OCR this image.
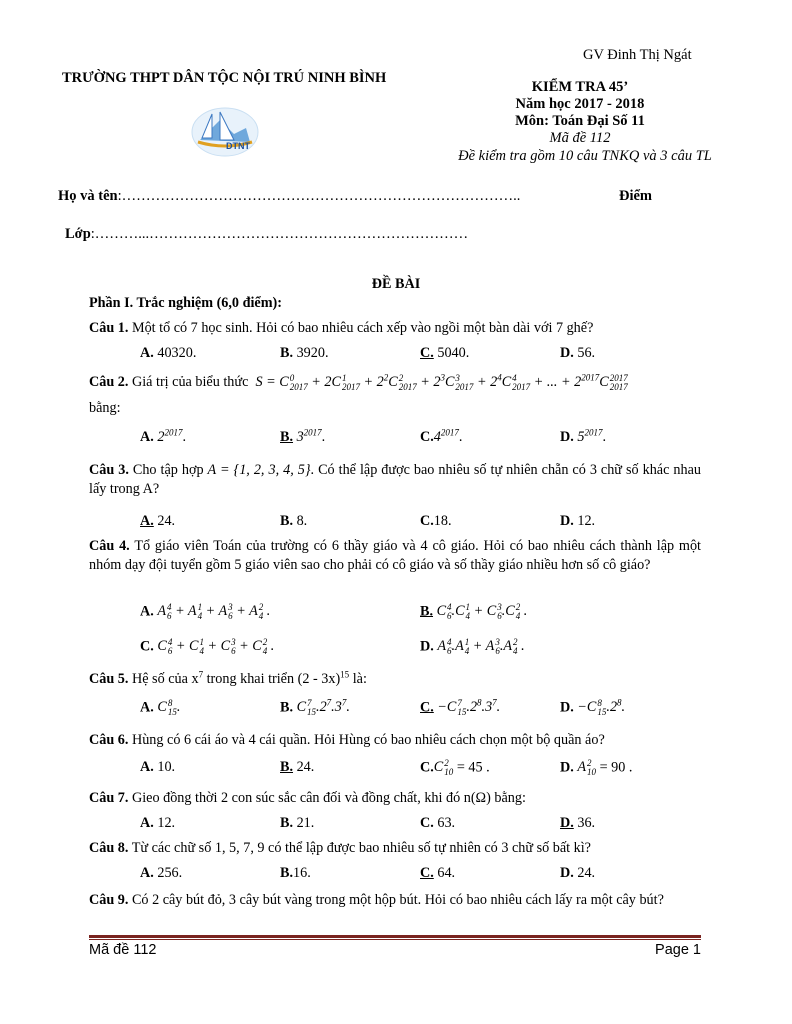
GV Đinh Thị Ngát
TRƯỜNG THPT DÂN TỘC NỘI TRÚ NINH BÌNH
DTNT
KIỂM TRA 45’
Năm học 2017 - 2018
Môn: Toán Đại Số 11
Mã đề 112
Đề kiểm tra gồm 10 câu TNKQ và 3 câu TL
Họ và tên:………………………………………………………………………..	Điểm
Lớp:………...…………………………………………………………
ĐỀ BÀI
Phần I. Trắc nghiệm (6,0 điểm):
Câu 1. Một tổ có 7 học sinh. Hỏi có bao nhiêu cách xếp vào ngồi một bàn dài với 7 ghế?
A. 40320.	B. 3920.	C. 5040.	D. 56.
Câu 2. Giá trị của biểu thức  S = C 0
2017 + 2C 1
$2017 + 2^2C$ 2
$2017 + 2^3C$ 3
$2017 + 2^4C$ 4
2017 + ... + $2^{2017}C$ 2017
2017
bằng:
A. $2^{2017}$.	B. $3^{2017}$.	$C.4^{2017}$.	D. $5^{2017}$.
Câu 3. Cho tập hợp A = {1, 2, 3, 4, 5}. Có thể lập được bao nhiêu số tự nhiên chẵn có 3 chữ số khác nhau lấy trong A?
A. 24.	B. 8.	C.18.	D. 12.
Câu 4. Tổ giáo viên Toán của trường có 6 thầy giáo và 4 cô giáo. Hỏi có bao nhiêu cách thành lập một nhóm dạy đội tuyển gồm 5 giáo viên sao cho phải có cô giáo và số thầy giáo nhiều hơn số cô giáo?
A. A 4
6 + A 1
4 + A 3
6 + A 2
4 .	B. C 4
6 .C 1
4 + C 3
6 .C 2
4 .
C. C 4
6 + C 1
4 + C 3
6 + C 2
4 .	D. A 4
6 .A 1
4 + A 3
6 .A 2
4 .
Câu 5. Hệ số của $x^7$ trong khai triển (2 - 3x)$^{15}$ là:
A. C 8
15 .	B. C 7
15 $.2^7.3^7$.	C. −C 7
15 $.2^8.3^7$.	D. −C 8
15 $.2^8$.
Câu 6. Hùng có 6 cái áo và 4 cái quần. Hỏi Hùng có bao nhiêu cách chọn một bộ quần áo?
A. 10.	B. 24.	C.C 2
10 = 45 .	D. A 2
10 = 90 .
Câu 7. Gieo đồng thời 2 con súc sắc cân đối và đồng chất, khi đó n(Ω) bằng:
A. 12.	B. 21.	C. 63.	D. 36.
Câu 8. Từ các chữ số 1, 5, 7, 9 có thể lập được bao nhiêu số tự nhiên có 3 chữ số bất kì?
A. 256.	B.16.	C. 64.	D. 24.
Câu 9. Có 2 cây bút đỏ, 3 cây bút vàng trong một hộp bút. Hỏi có bao nhiêu cách lấy ra một cây bút?
Mã đề 112	Page 1
